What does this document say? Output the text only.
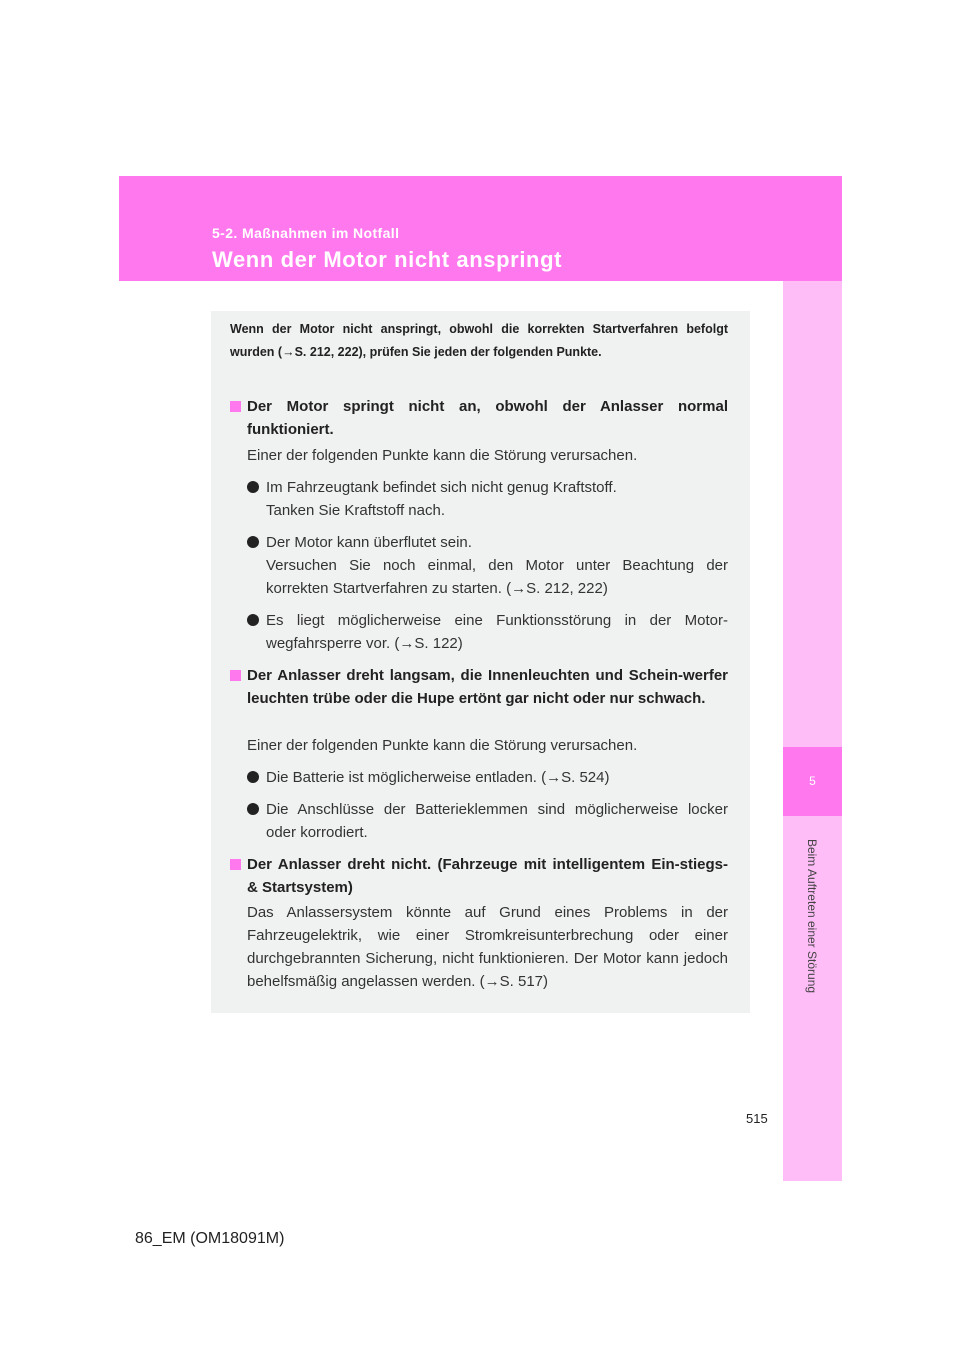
5-2. Maßnahmen im Notfall
Wenn der Motor nicht anspringt
5
Beim Auftreten einer Störung
Wenn der Motor nicht anspringt, obwohl die korrekten Startverfahren befolgt wurden (→S. 212, 222), prüfen Sie jeden der folgenden Punkte.
Der Motor springt nicht an, obwohl der Anlasser normal funktioniert.
Einer der folgenden Punkte kann die Störung verursachen.
Im Fahrzeugtank befindet sich nicht genug Kraftstoff.
Tanken Sie Kraftstoff nach.
Der Motor kann überflutet sein.
Versuchen Sie noch einmal, den Motor unter Beachtung der korrekten Startverfahren zu starten. (→S. 212, 222)
Es liegt möglicherweise eine Funktionsstörung in der Motor-wegfahrsperre vor. (→S. 122)
Der Anlasser dreht langsam, die Innenleuchten und Schein-werfer leuchten trübe oder die Hupe ertönt gar nicht oder nur schwach.
Einer der folgenden Punkte kann die Störung verursachen.
Die Batterie ist möglicherweise entladen. (→S. 524)
Die Anschlüsse der Batterieklemmen sind möglicherweise locker oder korrodiert.
Der Anlasser dreht nicht. (Fahrzeuge mit intelligentem Ein-stiegs- & Startsystem)
Das Anlassersystem könnte auf Grund eines Problems in der Fahrzeugelektrik, wie einer Stromkreisunterbrechung oder einer durchgebrannten Sicherung, nicht funktionieren. Der Motor kann jedoch behelfsmäßig angelassen werden. (→S. 517)
515
86_EM (OM18091M)
